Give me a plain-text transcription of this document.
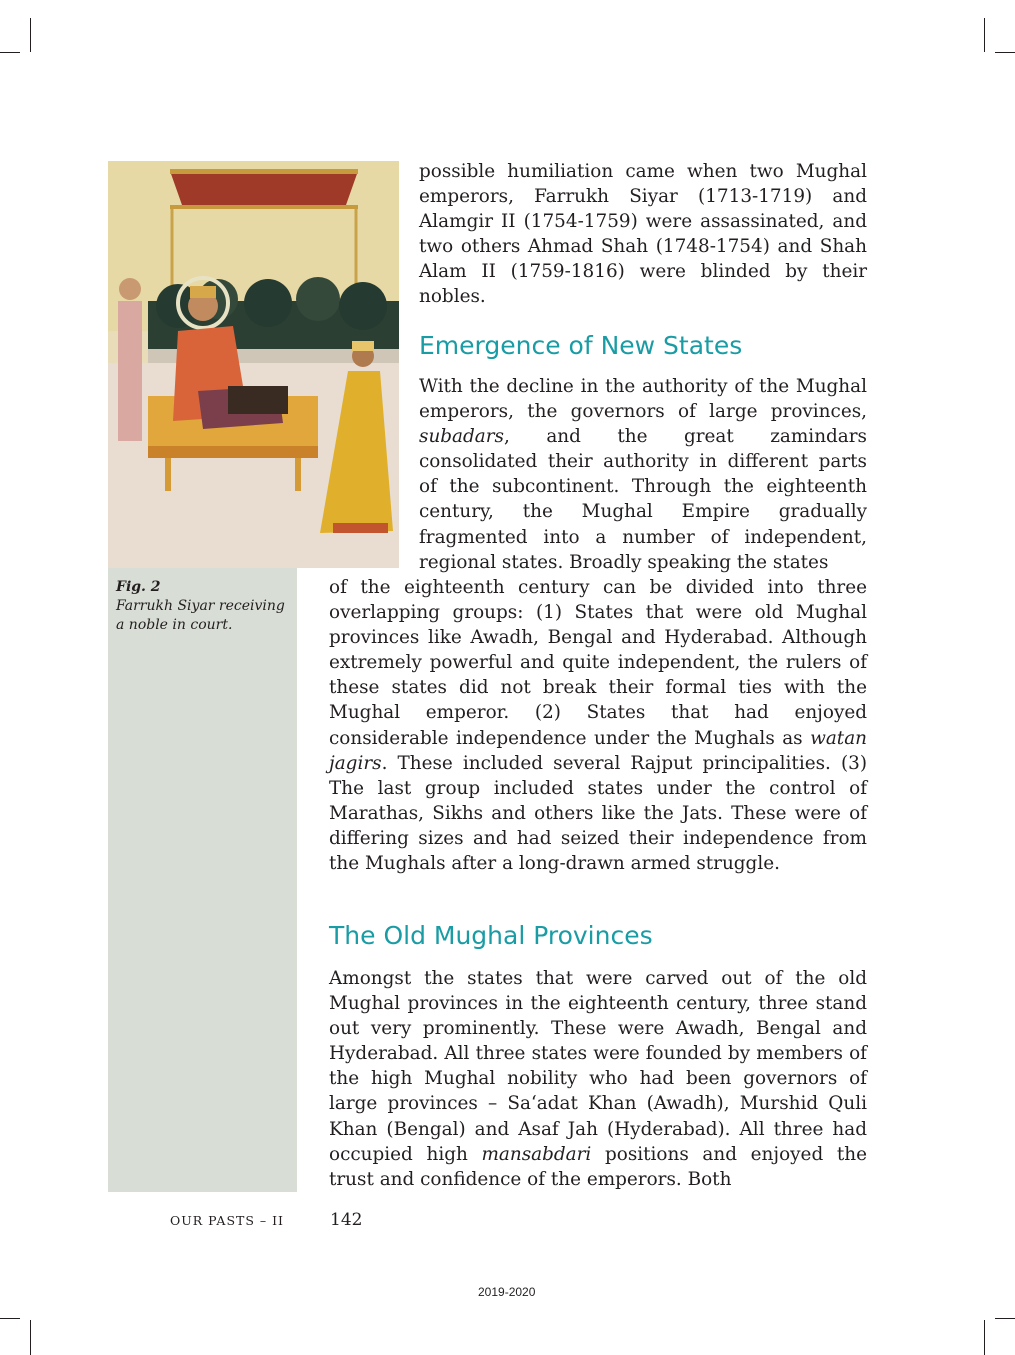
Fig. 2
Farrukh Siyar receiving a noble in court.

possible humiliation came when two Mughal emperors, Farrukh Siyar (1713-1719) and Alamgir II (1754-1759) were assassinated, and two others Ahmad Shah (1748-1754) and Shah Alam II (1759-1816) were blinded by their nobles.

Emergence of New States

With the decline in the authority of the Mughal emperors, the governors of large provinces, subadars, and the great zamindars consolidated their authority in different parts of the subcontinent. Through the eighteenth century, the Mughal Empire gradually fragmented into a number of independent, regional states. Broadly speaking the states

of the eighteenth century can be divided into three overlapping groups: (1) States that were old Mughal provinces like Awadh, Bengal and Hyderabad. Although extremely powerful and quite independent, the rulers of these states did not break their formal ties with the Mughal emperor. (2) States that had enjoyed considerable independence under the Mughals as watan jagirs. These included several Rajput principalities. (3) The last group included states under the control of Marathas, Sikhs and others like the Jats. These were of differing sizes and had seized their independence from the Mughals after a long-drawn armed struggle.

The Old Mughal Provinces

Amongst the states that were carved out of the old Mughal provinces in the eighteenth century, three stand out very prominently. These were Awadh, Bengal and Hyderabad. All three states were founded by members of the high Mughal nobility who had been governors of large provinces – Sa‘adat Khan (Awadh), Murshid Quli Khan (Bengal) and Asaf Jah (Hyderabad). All three had occupied high mansabdari positions and enjoyed the trust and confidence of the emperors. Both

OUR PASTS – II	142
2019-2020
